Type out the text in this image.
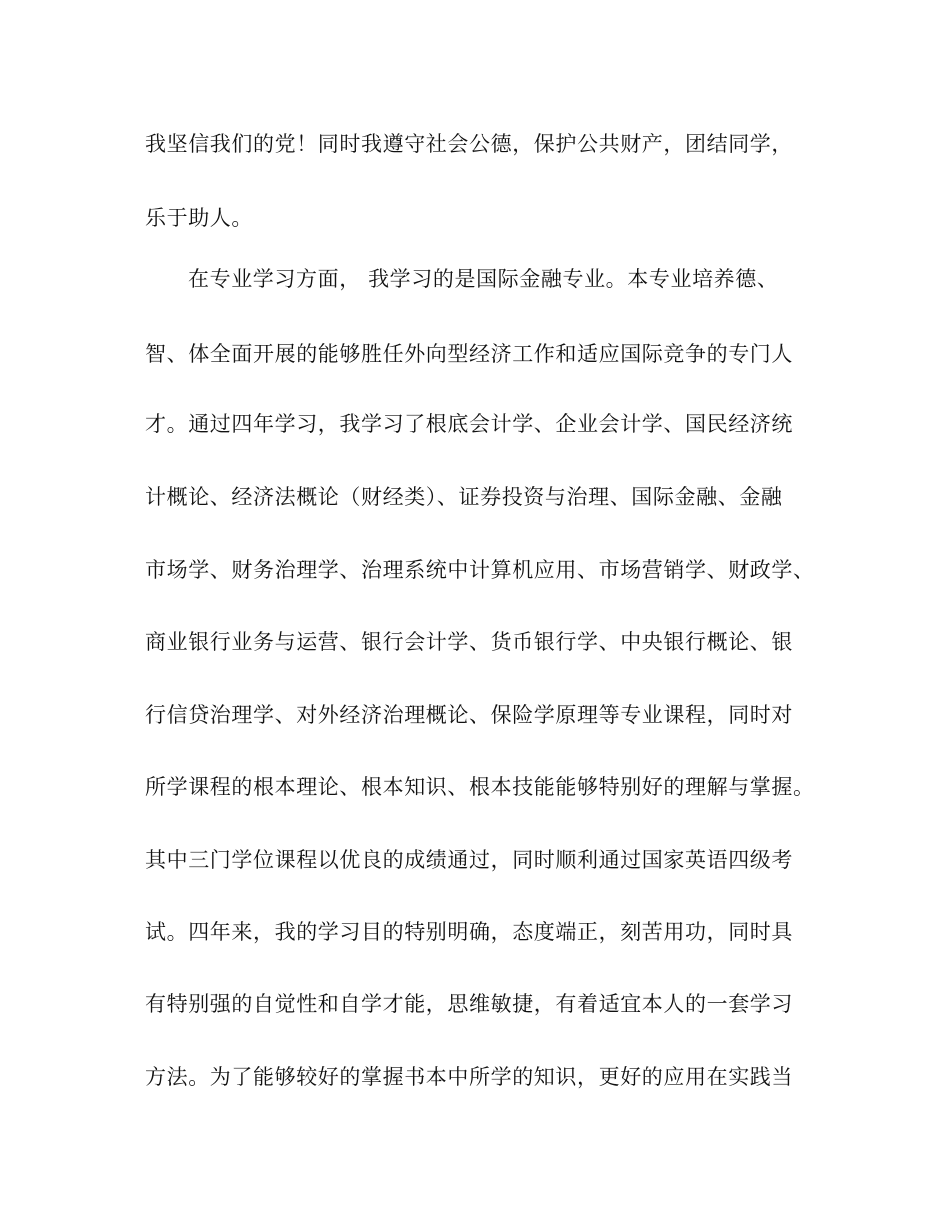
我坚信我们的党！同时我遵守社会公德，保护公共财产，团结同学，
乐于助人。
在专业学习方面， 我学习的是国际金融专业。本专业培养德、
智、体全面开展的能够胜任外向型经济工作和适应国际竞争的专门人
才。通过四年学习，我学习了根底会计学、企业会计学、国民经济统
计概论、经济法概论（财经类）、证券投资与治理、国际金融、金融
市场学、财务治理学、治理系统中计算机应用、市场营销学、财政学、
商业银行业务与运营、银行会计学、货币银行学、中央银行概论、银
行信贷治理学、对外经济治理概论、保险学原理等专业课程，同时对
所学课程的根本理论、根本知识、根本技能能够特别好的理解与掌握。
其中三门学位课程以优良的成绩通过，同时顺利通过国家英语四级考
试。四年来，我的学习目的特别明确，态度端正，刻苦用功，同时具
有特别强的自觉性和自学才能，思维敏捷，有着适宜本人的一套学习
方法。为了能够较好的掌握书本中所学的知识，更好的应用在实践当
